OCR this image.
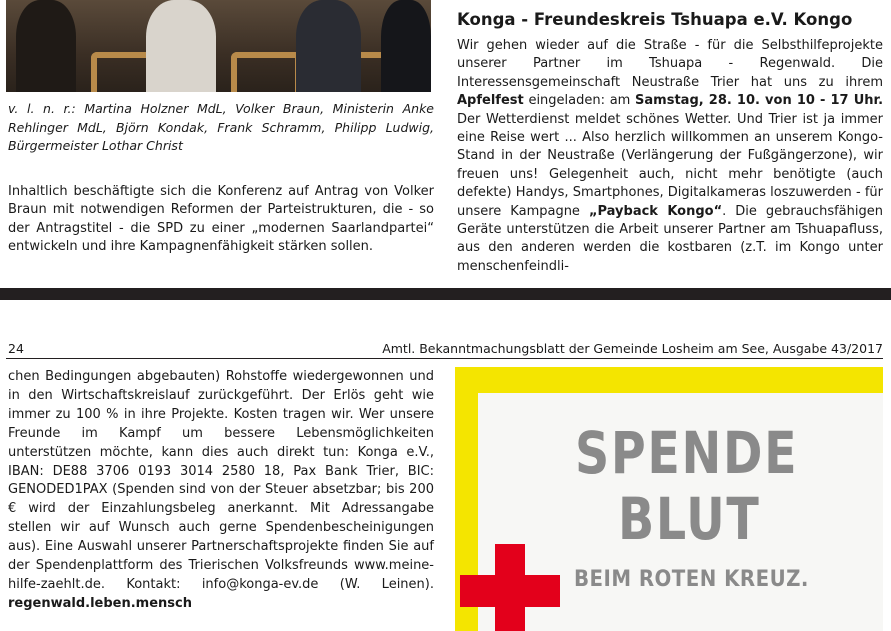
v. l. n. r.: Martina Holzner MdL, Volker Braun, Ministerin Anke Rehlinger MdL, Björn Kondak, Frank Schramm, Philipp Ludwig, Bürgermeister Lothar Christ

Inhaltlich beschäftigte sich die Konferenz auf Antrag von Volker Braun mit notwendigen Reformen der Parteistrukturen, die - so der Antragstitel - die SPD zu einer „modernen Saarlandpartei“ entwickeln und ihre Kampagnenfähigkeit stärken sollen.

Konga - Freundeskreis Tshuapa e.V. Kongo

Wir gehen wieder auf die Straße - für die Selbsthilfeprojekte unserer Partner im Tshuapa - Regenwald. Die Interessensgemeinschaft Neustraße Trier hat uns zu ihrem Apfelfest eingeladen: am Samstag, 28. 10. von 10 - 17 Uhr. Der Wetterdienst meldet schönes Wetter. Und Trier ist ja immer eine Reise wert ... Also herzlich willkommen an unserem Kongo-Stand in der Neustraße (Verlängerung der Fußgängerzone), wir freuen uns! Gelegenheit auch, nicht mehr benötigte (auch defekte) Handys, Smartphones, Digitalkameras loszuwerden - für unsere Kampagne „Payback Kongo“. Die gebrauchsfähigen Geräte unterstützen die Arbeit unserer Partner am Tshuapafluss, aus den anderen werden die kostbaren (z.T. im Kongo unter menschenfeindli-

24	Amtl. Bekanntmachungsblatt der Gemeinde Losheim am See, Ausgabe 43/2017

chen Bedingungen abgebauten) Rohstoffe wiedergewonnen und in den Wirtschaftskreislauf zurückgeführt. Der Erlös geht wie immer zu 100 % in ihre Projekte. Kosten tragen wir. Wer unsere Freunde im Kampf um bessere Lebensmöglichkeiten unterstützen möchte, kann dies auch direkt tun: Konga e.V., IBAN: DE88 3706 0193 3014 2580 18, Pax Bank Trier, BIC: GENODED1PAX (Spenden sind von der Steuer absetzbar; bis 200 € wird der Einzahlungsbeleg anerkannt. Mit Adressangabe stellen wir auf Wunsch auch gerne Spendenbescheinigungen aus). Eine Auswahl unserer Partnerschaftsprojekte finden Sie auf der Spendenplattform des Trierischen Volksfreunds www.meine-hilfe-zaehlt.de. Kontakt: info@konga-ev.de (W. Leinen). regenwald.leben.mensch

SPENDE
BLUT
BEIM ROTEN KREUZ.
